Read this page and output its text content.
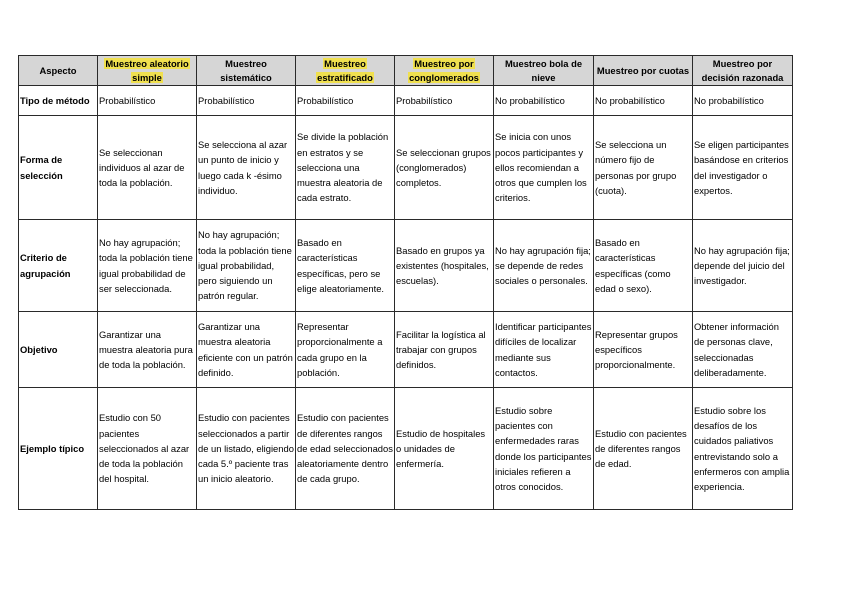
Aspecto	Muestreo aleatorio simple	Muestreo sistemático	Muestreo estratificado	Muestreo por conglomerados	Muestreo bola de nieve	Muestreo por cuotas	Muestreo por decisión razonada
Tipo de método	Probabilístico	Probabilístico	Probabilístico	Probabilístico	No probabilístico	No probabilístico	No probabilístico
Forma de selección	Se seleccionan individuos al azar de toda la población.	Se selecciona al azar un punto de inicio y luego cada k -ésimo individuo.	Se divide la población en estratos y se selecciona una muestra aleatoria de cada estrato.	Se seleccionan grupos (conglomerados) completos.	Se inicia con unos pocos participantes y ellos recomiendan a otros que cumplen los criterios.	Se selecciona un número fijo de personas por grupo (cuota).	Se eligen participantes basándose en criterios del investigador o expertos.
Criterio de agrupación	No hay agrupación; toda la población tiene igual probabilidad de ser seleccionada.	No hay agrupación; toda la población tiene igual probabilidad, pero siguiendo un patrón regular.	Basado en características específicas, pero se elige aleatoriamente.	Basado en grupos ya existentes (hospitales, escuelas).	No hay agrupación fija; se depende de redes sociales o personales.	Basado en características específicas (como edad o sexo).	No hay agrupación fija; depende del juicio del investigador.
Objetivo	Garantizar una muestra aleatoria pura de toda la población.	Garantizar una muestra aleatoria eficiente con un patrón definido.	Representar proporcionalmente a cada grupo en la población.	Facilitar la logística al trabajar con grupos definidos.	Identificar participantes difíciles de localizar mediante sus contactos.	Representar grupos específicos proporcionalmente.	Obtener información de personas clave, seleccionadas deliberadamente.
Ejemplo típico	Estudio con 50 pacientes seleccionados al azar de toda la población del hospital.	Estudio con pacientes seleccionados a partir de un listado, eligiendo cada 5.º paciente tras un inicio aleatorio.	Estudio con pacientes de diferentes rangos de edad seleccionados aleatoriamente dentro de cada grupo.	Estudio de hospitales o unidades de enfermería.	Estudio sobre pacientes con enfermedades raras donde los participantes iniciales refieren a otros conocidos.	Estudio con pacientes de diferentes rangos de edad.	Estudio sobre los desafíos de los cuidados paliativos entrevistando solo a enfermeros con amplia experiencia.
